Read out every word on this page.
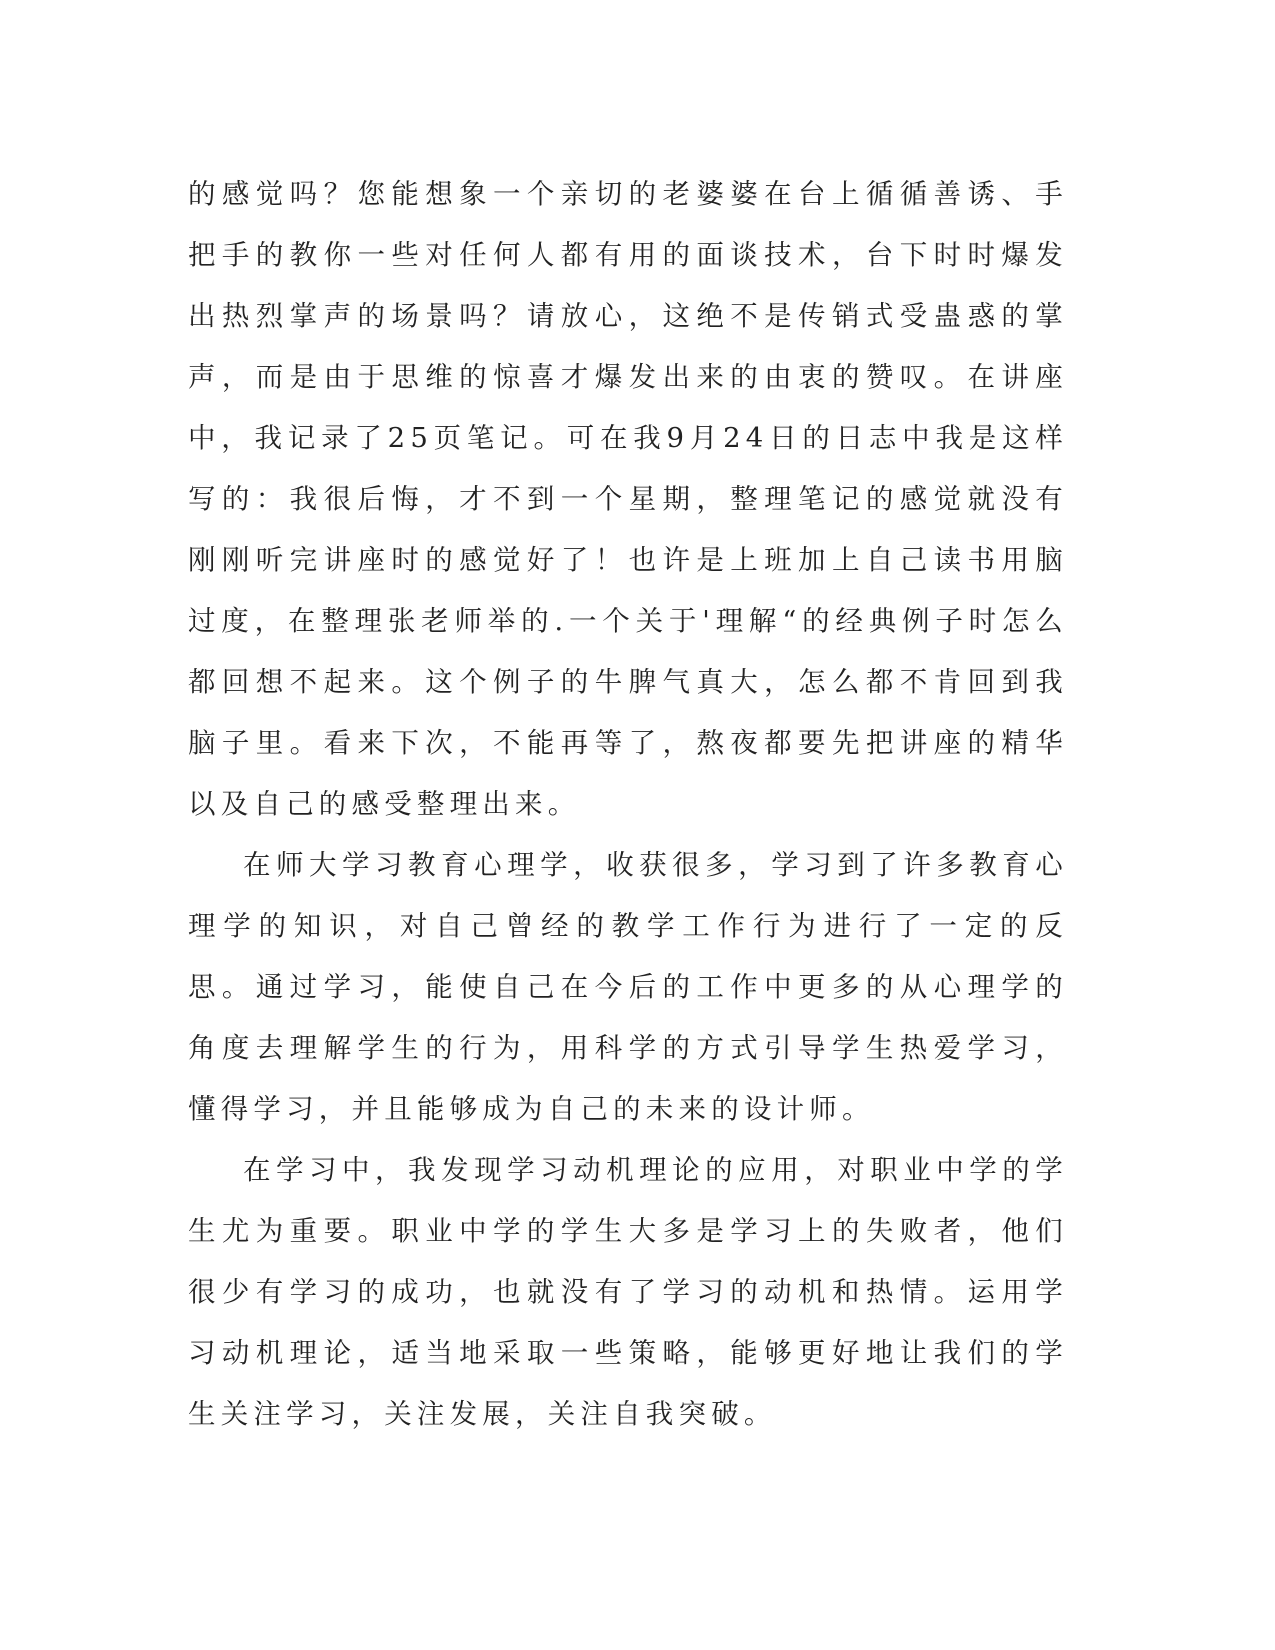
的感觉吗？您能想象一个亲切的老婆婆在台上循循善诱、手把手的教你一些对任何人都有用的面谈技术，台下时时爆发出热烈掌声的场景吗？请放心，这绝不是传销式受蛊惑的掌声，而是由于思维的惊喜才爆发出来的由衷的赞叹。在讲座中，我记录了25页笔记。可在我9月24日的日志中我是这样写的：我很后悔，才不到一个星期，整理笔记的感觉就没有刚刚听完讲座时的感觉好了！也许是上班加上自己读书用脑过度，在整理张老师举的.一个关于'理解“的经典例子时怎么都回想不起来。这个例子的牛脾气真大，怎么都不肯回到我脑子里。看来下次，不能再等了，熬夜都要先把讲座的精华以及自己的感受整理出来。

在师大学习教育心理学，收获很多，学习到了许多教育心理学的知识，对自己曾经的教学工作行为进行了一定的反思。通过学习，能使自己在今后的工作中更多的从心理学的角度去理解学生的行为，用科学的方式引导学生热爱学习，懂得学习，并且能够成为自己的未来的设计师。

在学习中，我发现学习动机理论的应用，对职业中学的学生尤为重要。职业中学的学生大多是学习上的失败者，他们很少有学习的成功，也就没有了学习的动机和热情。运用学习动机理论，适当地采取一些策略，能够更好地让我们的学生关注学习，关注发展，关注自我突破。
